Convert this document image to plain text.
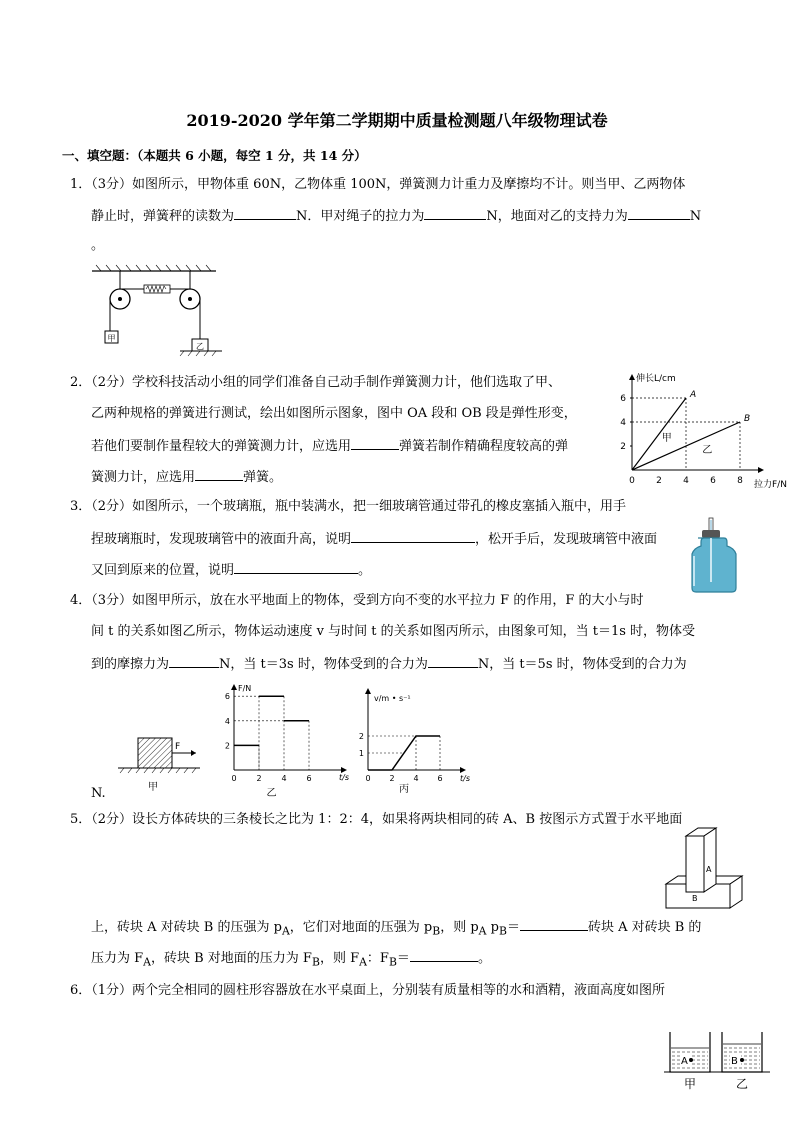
2019-2020 学年第二学期期中质量检测题八年级物理试卷
一、填空题：（本题共 6 小题，每空 1 分，共 14 分）
1．（3分）如图所示，甲物体重 60N，乙物体重 100N，弹簧测力计重力及摩擦均不计。则当甲、乙两物体
静止时，弹簧秤的读数为	N．甲对绳子的拉力为	N，地面对乙的支持力为	N
。
甲
乙
2．（2分）学校科技活动小组的同学们准备自己动手制作弹簧测力计，他们选取了甲、
乙两种规格的弹簧进行测试，绘出如图所示图象，图中 OA 段和 OB 段是弹性形变，
若他们要制作量程较大的弹簧测力计，应选用	弹簧若制作精确程度较高的弹
簧测力计，应选用	弹簧。
伸长L/cm
拉力F/N
0 2 4 6 8
2
4
6	A
B
甲
乙
3．（2分）如图所示，一个玻璃瓶，瓶中装满水，把一细玻璃管通过带孔的橡皮塞插入瓶中，用手
捏玻璃瓶时，发现玻璃管中的液面升高，说明	，松开手后，发现玻璃管中液面
又回到原来的位置，说明	。
4．（3分）如图甲所示，放在水平地面上的物体，受到方向不变的水平拉力 F 的作用，F 的大小与时
间 t 的关系如图乙所示，物体运动速度 v 与时间 t 的关系如图丙所示，由图象可知，当 t＝1s 时，物体受
到的摩擦力为	N，当 t＝3s 时，物体受到的合力为	N，当 t＝5s 时，物体受到的合力为
N.
F
甲
F/N
t/s
0 2 4 6
2
4
6
乙
v/m • s⁻¹
t/s
0 2 4 6
1
2
丙
5．（2分）设长方体砖块的三条棱长之比为 1：2：4，如果将两块相同的砖 A、B 按图示方式置于水平地面
A
B
上，砖块 A 对砖块 B 的压强为 $p_A$，它们对地面的压强为 $p_B$，则 $p_A$ $p_B=$	砖块 A 对砖块 B 的
压力为 $F_A$，砖块 B 对地面的压力为 $F_B$，则 $F_A$：$F_B=$	。
6．（1分）两个完全相同的圆柱形容器放在水平桌面上，分别装有质量相等的水和酒精，液面高度如图所
A	B
甲	乙
